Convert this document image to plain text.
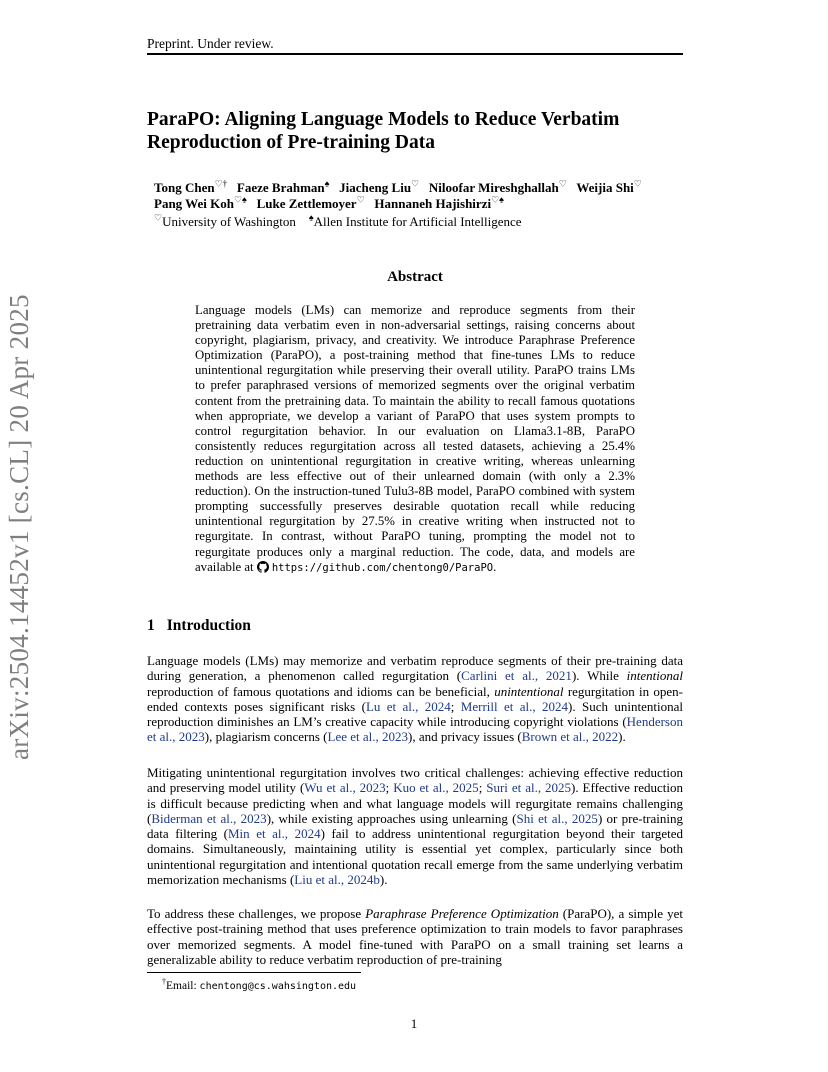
Preprint. Under review.
arXiv:2504.14452v1 [cs.CL] 20 Apr 2025
ParaPO: Aligning Language Models to Reduce Verbatim Reproduction of Pre-training Data
Tong Chen♡† Faeze Brahman♠ Jiacheng Liu♡ Niloofar Mireshghallah♡ Weijia Shi♡
Pang Wei Koh♡♠ Luke Zettlemoyer♡ Hannaneh Hajishirzi♡♠
♡University of Washington ♠Allen Institute for Artificial Intelligence
Abstract
Language models (LMs) can memorize and reproduce segments from their pretraining data verbatim even in non-adversarial settings, raising concerns about copyright, plagiarism, privacy, and creativity. We introduce Paraphrase Preference Optimization (ParaPO), a post-training method that fine-tunes LMs to reduce unintentional regurgitation while preserving their overall utility. ParaPO trains LMs to prefer paraphrased versions of memorized segments over the original verbatim content from the pretraining data. To maintain the ability to recall famous quotations when appropriate, we develop a variant of ParaPO that uses system prompts to control regurgitation behavior. In our evaluation on Llama3.1-8B, ParaPO consistently reduces regurgitation across all tested datasets, achieving a 25.4% reduction on unintentional regurgitation in creative writing, whereas unlearning methods are less effective out of their unlearned domain (with only a 2.3% reduction). On the instruction-tuned Tulu3-8B model, ParaPO combined with system prompting successfully preserves desirable quotation recall while reducing unintentional regurgitation by 27.5% in creative writing when instructed not to regurgitate. In contrast, without ParaPO tuning, prompting the model not to regurgitate produces only a marginal reduction. The code, data, and models are available at https://github.com/chentong0/ParaPO.
1 Introduction
Language models (LMs) may memorize and verbatim reproduce segments of their pre-training data during generation, a phenomenon called regurgitation (Carlini et al., 2021). While intentional reproduction of famous quotations and idioms can be beneficial, unintentional regurgitation in open-ended contexts poses significant risks (Lu et al., 2024; Merrill et al., 2024). Such unintentional reproduction diminishes an LM’s creative capacity while introducing copyright violations (Henderson et al., 2023), plagiarism concerns (Lee et al., 2023), and privacy issues (Brown et al., 2022).
Mitigating unintentional regurgitation involves two critical challenges: achieving effective reduction and preserving model utility (Wu et al., 2023; Kuo et al., 2025; Suri et al., 2025). Effective reduction is difficult because predicting when and what language models will regurgitate remains challenging (Biderman et al., 2023), while existing approaches using unlearning (Shi et al., 2025) or pre-training data filtering (Min et al., 2024) fail to address unintentional regurgitation beyond their targeted domains. Simultaneously, maintaining utility is essential yet complex, particularly since both unintentional regurgitation and intentional quotation recall emerge from the same underlying verbatim memorization mechanisms (Liu et al., 2024b).
To address these challenges, we propose Paraphrase Preference Optimization (ParaPO), a simple yet effective post-training method that uses preference optimization to train models to favor paraphrases over memorized segments. A model fine-tuned with ParaPO on a small training set learns a generalizable ability to reduce verbatim reproduction of pre-training
†Email: chentong@cs.wahsington.edu
1
